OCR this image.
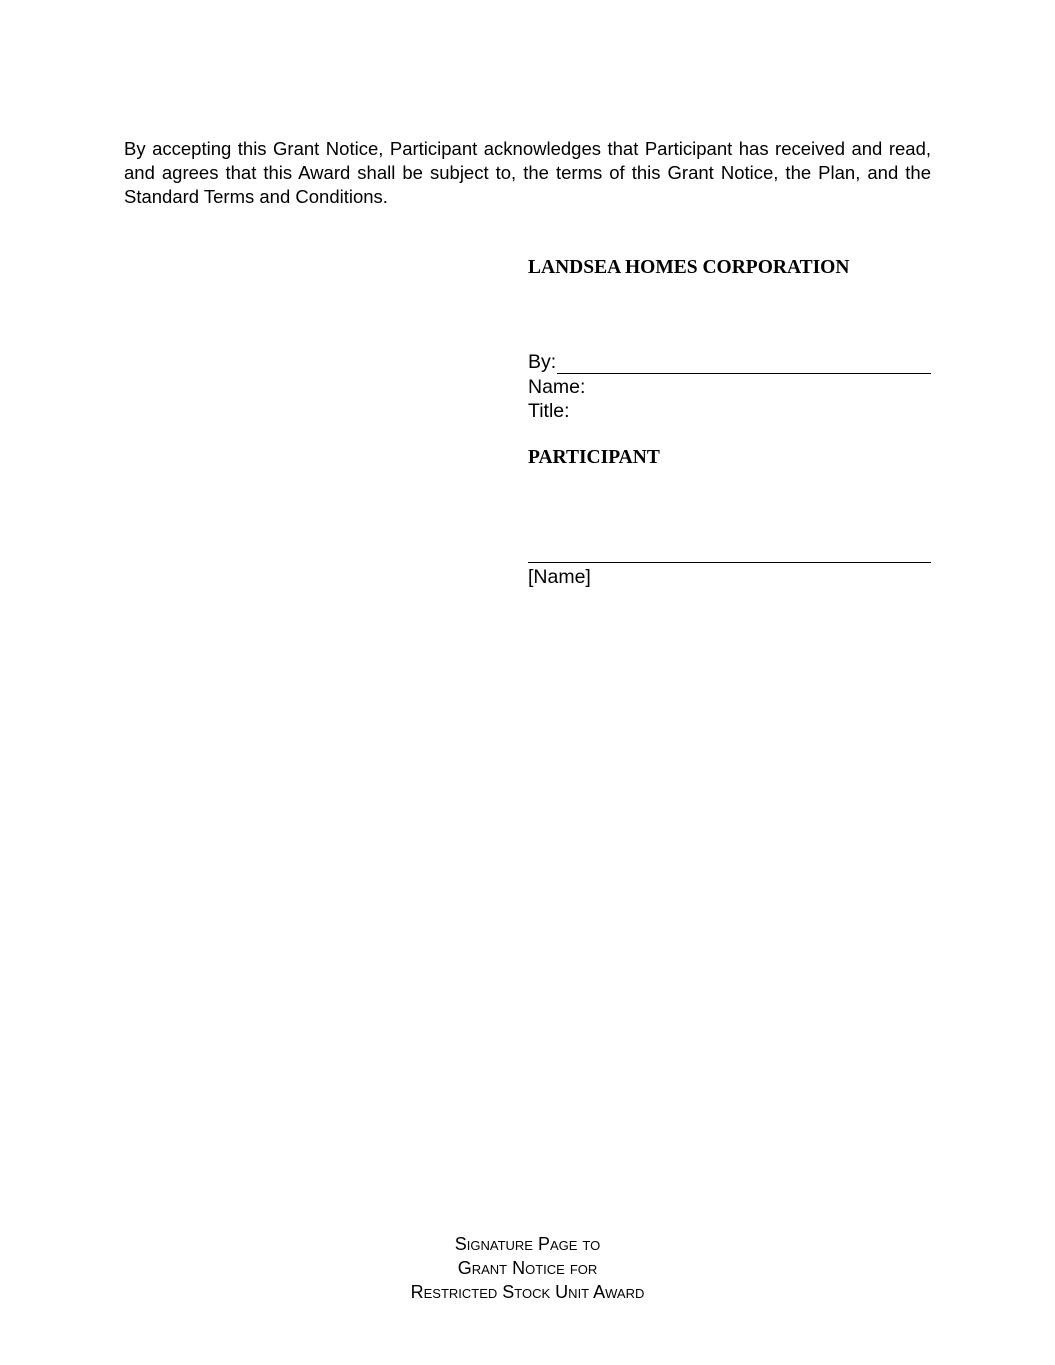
By accepting this Grant Notice, Participant acknowledges that Participant has received and read, and agrees that this Award shall be subject to, the terms of this Grant Notice, the Plan, and the Standard Terms and Conditions.

LANDSEA HOMES CORPORATION
By:
Name:
Title:
PARTICIPANT
[Name]
Signature Page to
Grant Notice for
Restricted Stock Unit Award
